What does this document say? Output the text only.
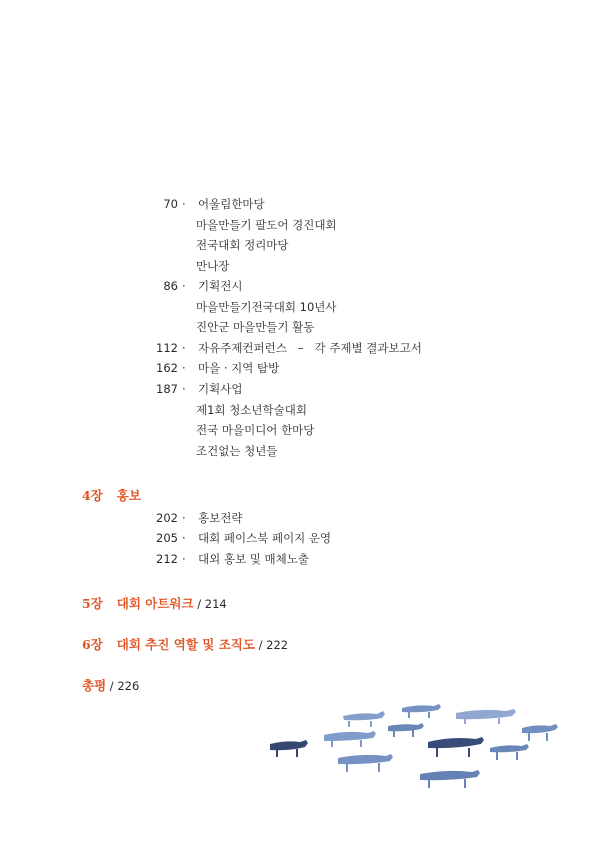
70 · 어울림한마당
마을만들기 팔도어 경진대회
전국대회 정리마당
만나장
86 · 기획전시
마을만들기전국대회 10년사
진안군 마을만들기 활동
112 · 자유주제컨퍼런스   –   각 주제별 결과보고서
162 · 마을 · 지역 탐방
187 · 기획사업
제1회 청소년학술대회
전국 마을미디어 한마당
조건없는 청년들
4장 홍보
202 · 홍보전략
205 · 대회 페이스북 페이지 운영
212 · 대외 홍보 및 매체노출
5장 대회 아트워크 / 214
6장 대회 추진 역할 및 조직도 / 222
총평 / 226
